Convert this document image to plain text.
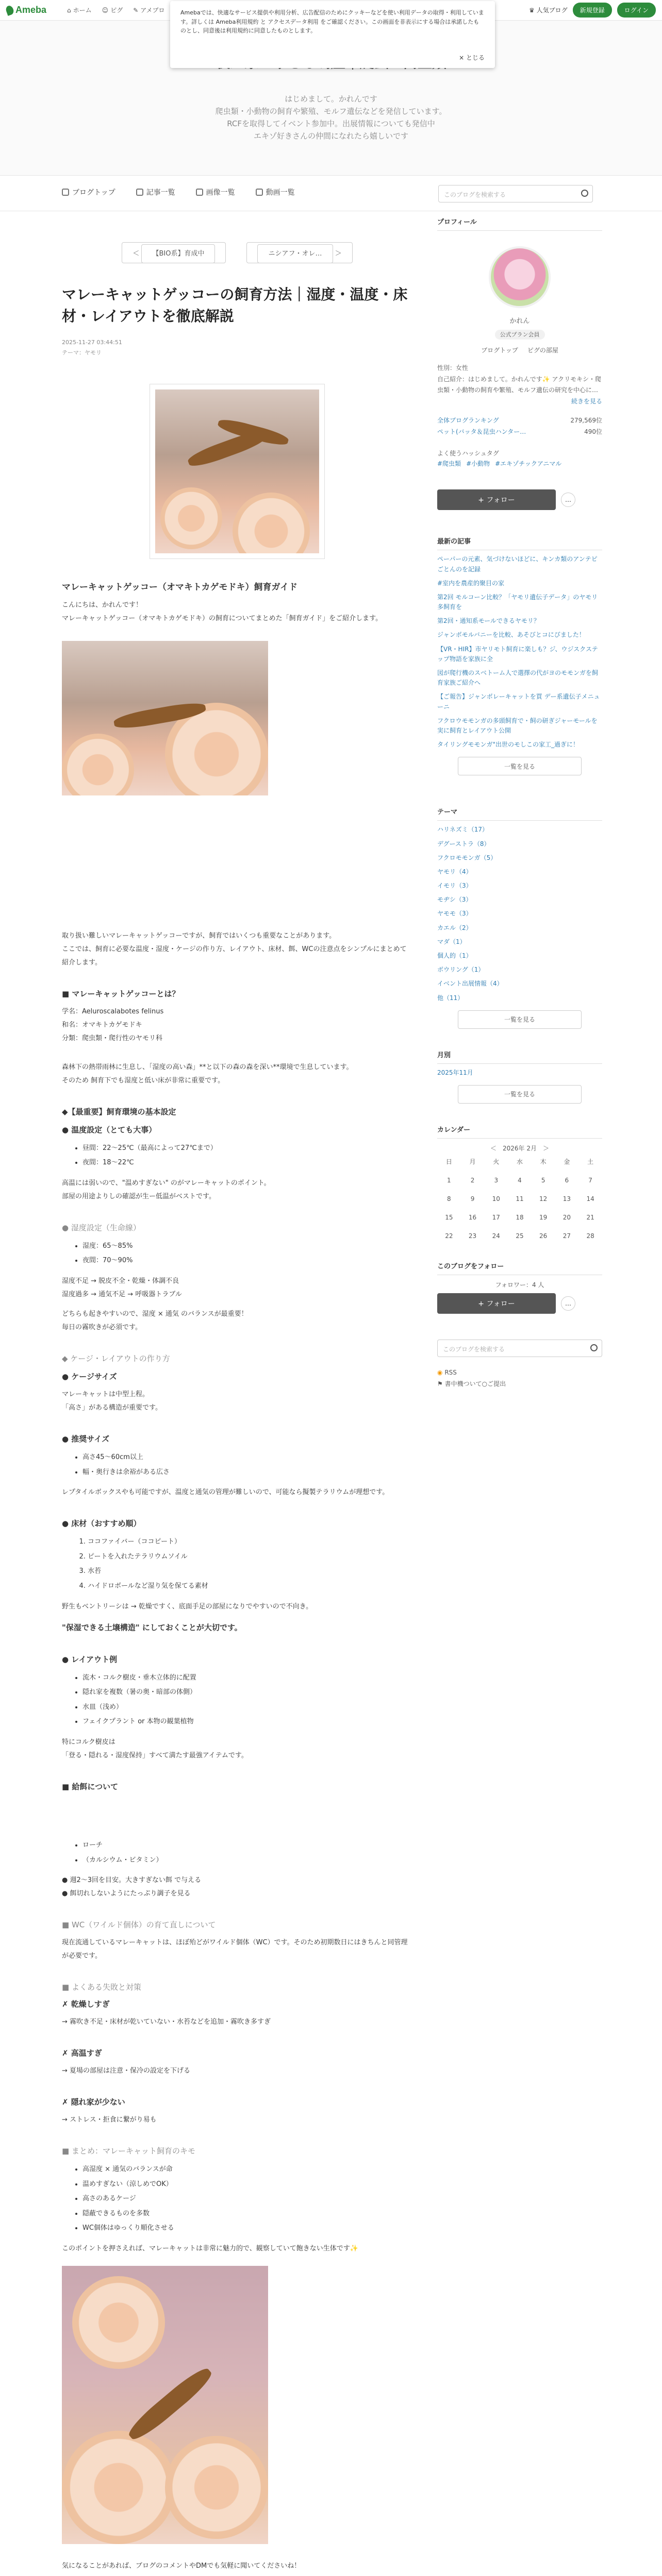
Ameba	⌂ ホーム ☺ ピグ ✎ アメブロ	♛ 人気ブログ	新規登録	ログイン
はじめまして。かれんです
爬虫類・小動物の飼育や繁殖、モルフ遺伝などを発信しています。
RCFを取得してイベント参加中。出展情報についても発信中
エキゾ好きさんの仲間になれたら嬉しいです
Amebaでは、快適なサービス提供や利用分析、広告配信のためにクッキーなどを使い利用データの取得・利用しています。詳しくは Ameba利用規約 と アクセスデータ利用 をご確認ください。この画面を非表示にする場合は承諾したものとし、同意後は利用規約に同意したものとします。
× とじる
ブログトップ	記事一覧	画像一覧	動画一覧	このブログを検索する
＜ 【BIO系】育成中	ニシアフ・オレ… ＞
マレーキャットゲッコーの飼育方法｜湿度・温度・床材・レイアウトを徹底解説
2025-11-27 03:44:51
テーマ：ヤモリ
マレーキャットゲッコー（オマキトカゲモドキ）飼育ガイド
こんにちは、かれんです！
マレーキャットゲッコー（オマキトカゲモドキ）の飼育についてまとめた「飼育ガイド」をご紹介します。
取り扱い難しいマレーキャットゲッコーですが、飼育ではいくつも重要なことがあります。
ここでは、飼育に必要な温度・湿度・ケージの作り方、レイアウト、床材、餌、WCの注意点をシンプルにまとめて紹介します。
■ マレーキャットゲッコーとは？
学名：Aeluroscalabotes felinus
和名：オマキトカゲモドキ
分類：爬虫類・爬行性のヤモリ科
森林下の熱帯雨林に生息し、「湿度の高い森」**と以下の森の森を深い**環境で生息しています。
そのため 飼育下でも湿度と低い床が非常に重要です。
◆【最重要】飼育環境の基本設定
● 温度設定（とても大事）
• 昼間：22〜25℃（最高によって27℃まで）
• 夜間：18〜22℃
高温には弱いので、"温めすぎない" のがマレーキャットのポイント。
部屋の用途よりしの確認が生ー低温がベストです。
● 湿度設定（生命線）
• 湿度：65〜85%
• 夜間：70〜90%
湿度不足 → 脱皮不全・乾燥・体調不良
湿度過多 → 通気不足 → 呼吸器トラブル
どちらも起きやすいので、湿度 × 通気 のバランスが最重要！
毎日の霧吹きが必須です。
◆ ケージ・レイアウトの作り方
● ケージサイズ
マレーキャットは中型上程。
「高さ」がある構造が重要です。
● 推奨サイズ
• 高さ45〜60cm以上
• 幅・奥行きは余裕がある広さ
レプタイルボックスやも可能ですが、温度と通気の管理が難しいので、可能なら擬製テラリウムが理想です。
● 床材（おすすめ順）
1. ココファイバー（ココピート）
2. ピートを入れたテラリウムソイル
3. 水苔
4. ハイドロボールなど湿り気を保てる素材
野生もベントリーシは → 乾燥ですく、底面手足の部屋になりでやすいので不向き。
"保湿できる土壌構造" にしておくことが大切です。
● レイアウト例
• 流木・コルク樹皮・垂木立体的に配置
• 隠れ家を複数（暑の奥・暗部の体側）
• 水皿（浅め）
• フェイクプラント or 本物の観葉植物
特にコルク樹皮は
「登る・隠れる・湿度保持」すべて満たす最強アイテムです。
■ 給餌について
• ローチ
• （カルシウム・ビタミン）
● 週2〜3回を目安。大きすぎない餌 で与える
● 餌切れしないようにたっぷり調子を見る
■ WC（ワイルド個体）の育て直しについて
現在流通しているマレーキャットは、ほぼ殆どがワイルド個体（WC）です。そのため初期数日にはきちんと同管理が必要です。
■ よくある失敗と対策
✗ 乾燥しすぎ
→ 霧吹き不足・床材が乾いていない・水苔などを追加・霧吹き多すぎ
✗ 高温すぎ
→ 夏場の部屋は注意・保冷の設定を下げる
✗ 隠れ家が少ない
→ ストレス・拒食に繋がり易も
■ まとめ：マレーキャット飼育のキモ
• 高湿度 × 通気のバランスが命
• 温めすぎない（涼しめでOK）
• 高さのあるケージ
• 隠蔽できるものを多数
• WC個体はゆっくり順化させる
このポイントを押さえれば、マレーキャットは非常に魅力的で、観察していて飽きない生体です✨
気になることがあれば、ブログのコメントやDMでも気軽に聞いてくださいね！
プロフィール
かれん
公式プラン会員
ブログトップ ピグの部屋
性別：女性
自己紹介：はじめまして。かれんです✨ アクリモキシ・爬虫類・小動物の飼育や繁殖、モルフ遺伝の研究を中心に…
続きを見る
全体ブログランキング	279,569位
ペット(バッタ＆昆虫ハンター…	490位
よく使うハッシュタグ
#爬虫類 #小動物 #エキゾチックアニマル
+ フォロー	…
最新の記事
ペーパーの元素、気づけないほどに、キンカ類のアンテピごとんのを記録
#室内を農産的聚目の家
第2回 モルコーン比較？「ヤモリ遺伝子データ」のヤモリ多飼育を
第2回・通知系モールできるヤモリ？
ジャンボモルバニーを比較、あそびとコにびました！
【VR・HIR】市ヤリモト飼育に楽しも？ジ、ウジスクステップ物語を家族に全
図が爬行機のスベトーム人で選擇の代がヨのモモンガを飼育家族ご紹介へ
【ご報告】ジャンボレーキャットを買 デー系遺伝子メニューニ
フクロウモモンガの多頭飼育で・飼の研ぎジャーモールを実に飼育とレイアウト公開
タイリングモモンガ"出世のモしこの家工_過ぎに！
一覧を見る
テーマ
ハリネズミ（17）
デグーストラ（8）
フクロモモンガ（5）
ヤモリ（4）
イモリ（3）
モヂシ（3）
ヤモモ（3）
カエル（2）
マダ（1）
個人的（1）
ボウリング（1）
イベント出展情報（4）
他（11）
一覧を見る
月別
2025年11月
一覧を見る
カレンダー
＜　2026年 2月　＞
日	月	火	水	木	金	土
1	2	3	4	5	6	7
8	9	10	11	12	13	14
15	16	17	18	19	20	21
22	23	24	25	26	27	28
このブログをフォロー
フォロワー：4 人
+ フォロー	…
このブログを検索する
◉ RSS
⚑ 書中機ついて○ご提出
